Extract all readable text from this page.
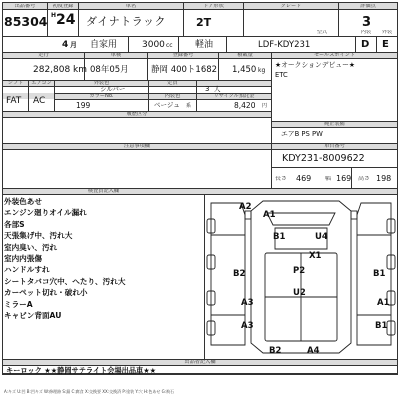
出品番号
85304
初度登録
H 24
4 月
車名
ダイナトラック
ドア形状
2T
グレード	評価点
3
自家用	3000 cc 軽油
型式
LDF-KDY231
内装	外装
D E
走行
282,808 km
車検
08年05月
登録番号
静岡 400ト1682
積載量
1,450 kg
シフト	エアコン
FAT AC
外装色
シルバー
定員
3 人
カラーNo.
199
内装色
ベージュ 系
リサイクル預託金
8,420 円
履歴区分
セールスポイント
★オークションデビュー★
ETC
純正装備
エアB PS PW
注意事項欄	車台番号
KDY231-8009622
長さ 469	幅 169	高さ 198
検査員記入欄
外装色あせ
エンジン廻りオイル漏れ
各部S
天張集げ中、汚れ大
室内臭い、汚れ
室内内張傷
ハンドルすれ
シートタバコ穴中、へたり、汚れ大
カーペット切れ・破れ小
ミラーA
キャビン背面AU
A2
A1
B1	U4
X1
B2	P2	B1
A3
U2
A1
A3
B2	A4
B1
出品者記入欄
キーロック ★★静岡サテライト会場出品車★★
A:キズ U:凹 B:凹キズ W:修理跡 S:錆 C:腐食 X:交換要 XX:交換済 P:塗装 Y:穴 H:色あせ G:飛石
